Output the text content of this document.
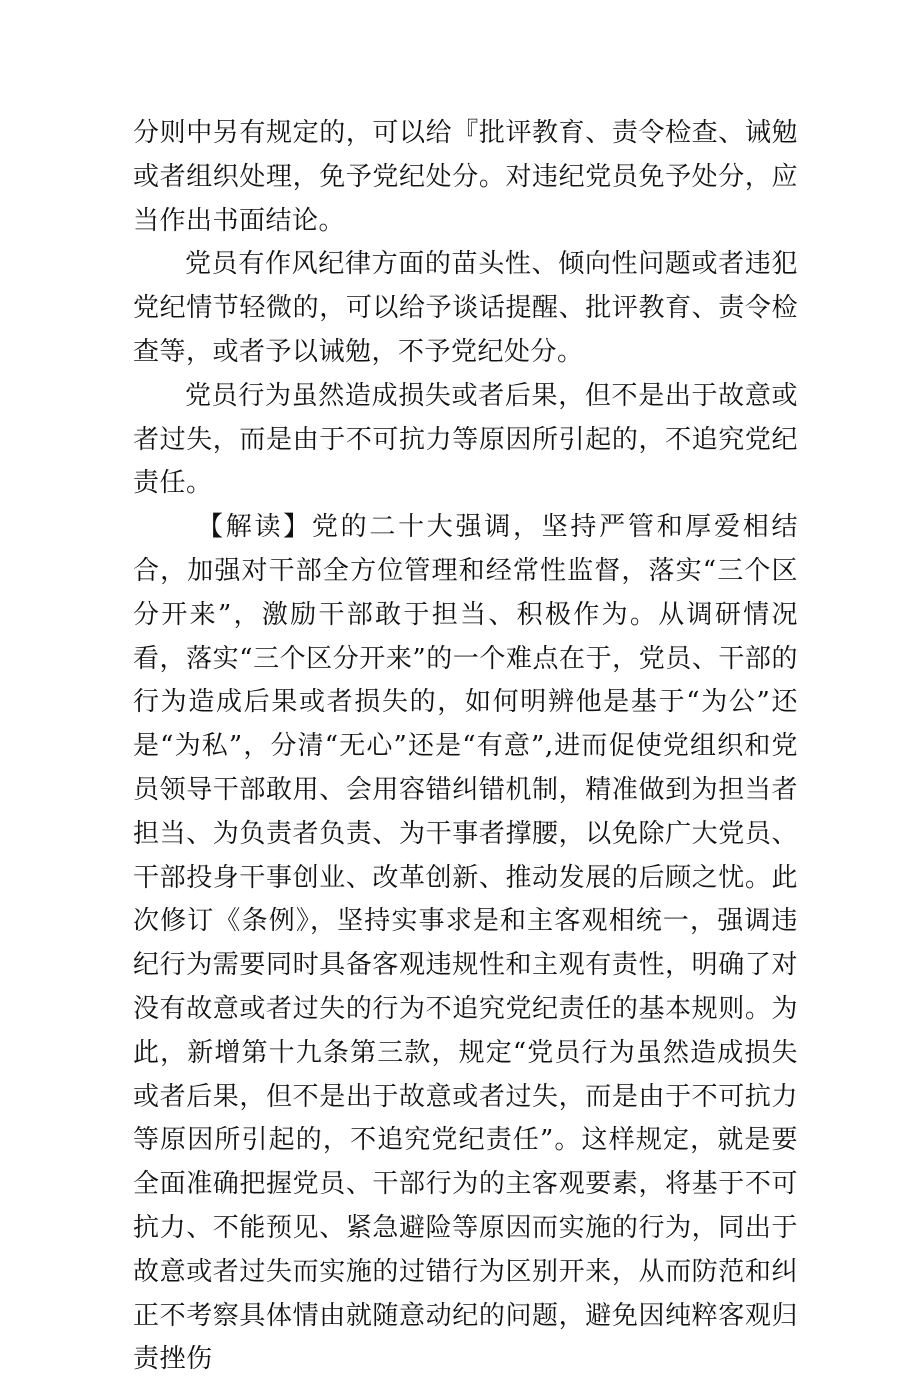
分则中另有规定的，可以给『批评教育、责令检查、诫勉或者组织处理，免予党纪处分。对违纪党员免予处分，应当作出书面结论。

党员有作风纪律方面的苗头性、倾向性问题或者违犯党纪情节轻微的，可以给予谈话提醒、批评教育、责令检查等，或者予以诫勉，不予党纪处分。

党员行为虽然造成损失或者后果，但不是出于故意或者过失，而是由于不可抗力等原因所引起的，不追究党纪责任。

【解读】党的二十大强调，坚持严管和厚爱相结合，加强对干部全方位管理和经常性监督，落实“三个区分开来”，激励干部敢于担当、积极作为。从调研情况看，落实“三个区分开来”的一个难点在于，党员、干部的行为造成后果或者损失的，如何明辨他是基于“为公”还是“为私”，分清“无心”还是“有意”,进而促使党组织和党员领导干部敢用、会用容错纠错机制，精准做到为担当者担当、为负责者负责、为干事者撑腰，以免除广大党员、干部投身干事创业、改革创新、推动发展的后顾之忧。此次修订《条例》，坚持实事求是和主客观相统一，强调违纪行为需要同时具备客观违规性和主观有责性，明确了对没有故意或者过失的行为不追究党纪责任的基本规则。为此，新增第十九条第三款，规定“党员行为虽然造成损失或者后果，但不是出于故意或者过失，而是由于不可抗力等原因所引起的，不追究党纪责任”。这样规定，就是要全面准确把握党员、干部行为的主客观要素，将基于不可抗力、不能预见、紧急避险等原因而实施的行为，同出于故意或者过失而实施的过错行为区别开来，从而防范和纠正不考察具体情由就随意动纪的问题，避免因纯粹客观归责挫伤
